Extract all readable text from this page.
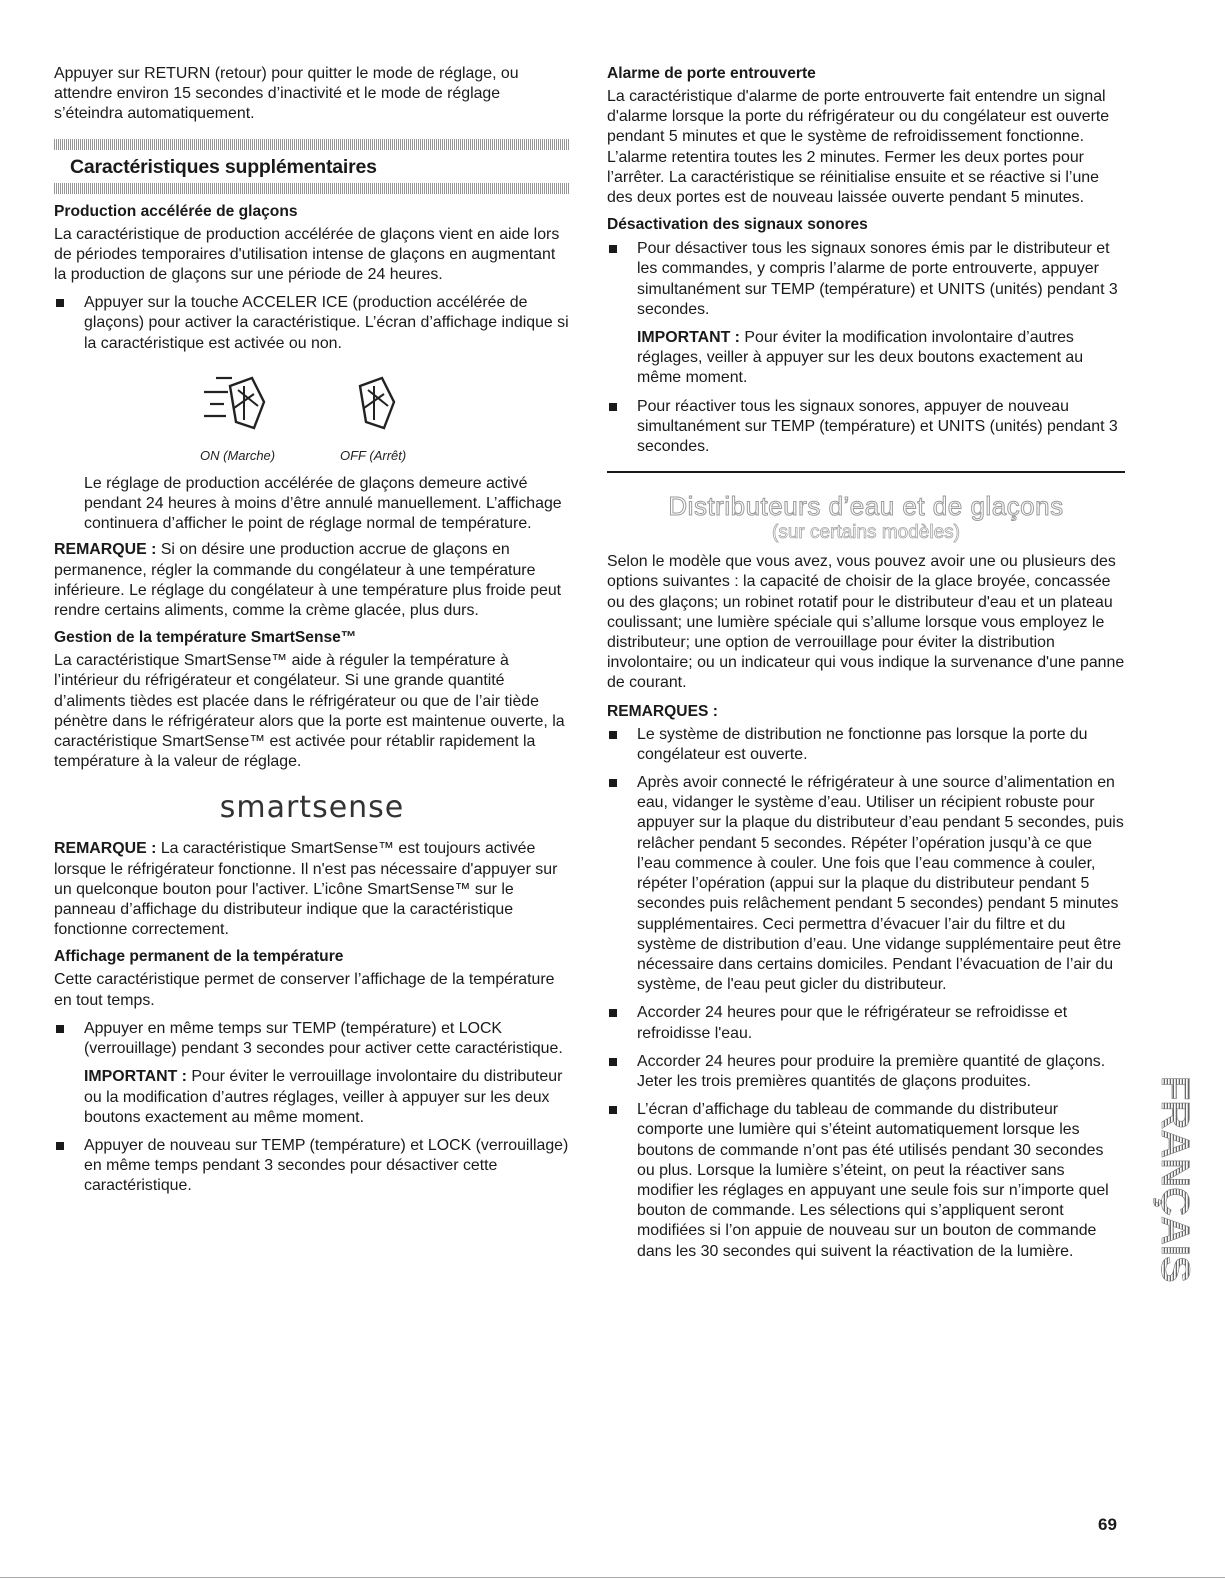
Appuyer sur RETURN (retour) pour quitter le mode de réglage, ou attendre environ 15 secondes d’inactivité et le mode de réglage s’éteindra automatiquement.

Caractéristiques supplémentaires
Production accélérée de glaçons

La caractéristique de production accélérée de glaçons vient en aide lors de périodes temporaires d'utilisation intense de glaçons en augmentant la production de glaçons sur une période de 24 heures.

Appuyer sur la touche ACCELER ICE (production accélérée de glaçons) pour activer la caractéristique. L’écran d’affichage indique si la caractéristique est activée ou non.
ON (Marche)	OFF (Arrêt)

Le réglage de production accélérée de glaçons demeure activé pendant 24 heures à moins d’être annulé manuellement. L’affichage continuera d’afficher le point de réglage normal de température.

REMARQUE : Si on désire une production accrue de glaçons en permanence, régler la commande du congélateur à une température inférieure. Le réglage du congélateur à une température plus froide peut rendre certains aliments, comme la crème glacée, plus durs.

Gestion de la température SmartSense™

La caractéristique SmartSense™ aide à réguler la température à l’intérieur du réfrigérateur et congélateur. Si une grande quantité d’aliments tièdes est placée dans le réfrigérateur ou que de l’air tiède pénètre dans le réfrigérateur alors que la porte est maintenue ouverte, la caractéristique SmartSense™ est activée pour rétablir rapidement la température à la valeur de réglage.

smartsense

REMARQUE : La caractéristique SmartSense™ est toujours activée lorsque le réfrigérateur fonctionne. Il n'est pas nécessaire d'appuyer sur un quelconque bouton pour l'activer. L’icône SmartSense™ sur le panneau d’affichage du distributeur indique que la caractéristique fonctionne correctement.

Affichage permanent de la température

Cette caractéristique permet de conserver l’affichage de la température en tout temps.

Appuyer en même temps sur TEMP (température) et LOCK (verrouillage) pendant 3 secondes pour activer cette caractéristique.

IMPORTANT : Pour éviter le verrouillage involontaire du distributeur ou la modification d’autres réglages, veiller à appuyer sur les deux boutons exactement au même moment.

Appuyer de nouveau sur TEMP (température) et LOCK (verrouillage) en même temps pendant 3 secondes pour désactiver cette caractéristique.
Alarme de porte entrouverte

La caractéristique d'alarme de porte entrouverte fait entendre un signal d'alarme lorsque la porte du réfrigérateur ou du congélateur est ouverte pendant 5 minutes et que le système de refroidissement fonctionne. L’alarme retentira toutes les 2 minutes. Fermer les deux portes pour l’arrêter. La caractéristique se réinitialise ensuite et se réactive si l’une des deux portes est de nouveau laissée ouverte pendant 5 minutes.

Désactivation des signaux sonores
Pour désactiver tous les signaux sonores émis par le distributeur et les commandes, y compris l’alarme de porte entrouverte, appuyer simultanément sur TEMP (température) et UNITS (unités) pendant 3 secondes.

IMPORTANT : Pour éviter la modification involontaire d’autres réglages, veiller à appuyer sur les deux boutons exactement au même moment.

Pour réactiver tous les signaux sonores, appuyer de nouveau simultanément sur TEMP (température) et UNITS (unités) pendant 3 secondes.
Distributeurs d’eau et de glaçons
(sur certains modèles)

Selon le modèle que vous avez, vous pouvez avoir une ou plusieurs des options suivantes : la capacité de choisir de la glace broyée, concassée ou des glaçons; un robinet rotatif pour le distributeur d'eau et un plateau coulissant; une lumière spéciale qui s’allume lorsque vous employez le distributeur; une option de verrouillage pour éviter la distribution involontaire; ou un indicateur qui vous indique la survenance d'une panne de courant.

REMARQUES :
Le système de distribution ne fonctionne pas lorsque la porte du congélateur est ouverte.
Après avoir connecté le réfrigérateur à une source d’alimentation en eau, vidanger le système d’eau. Utiliser un récipient robuste pour appuyer sur la plaque du distributeur d’eau pendant 5 secondes, puis relâcher pendant 5 secondes. Répéter l’opération jusqu’à ce que l’eau commence à couler. Une fois que l’eau commence à couler, répéter l’opération (appui sur la plaque du distributeur pendant 5 secondes puis relâchement pendant 5 secondes) pendant 5 minutes supplémentaires. Ceci permettra d’évacuer l’air du filtre et du système de distribution d’eau. Une vidange supplémentaire peut être nécessaire dans certains domiciles. Pendant l’évacuation de l’air du système, de l'eau peut gicler du distributeur.
Accorder 24 heures pour que le réfrigérateur se refroidisse et refroidisse l'eau.
Accorder 24 heures pour produire la première quantité de glaçons. Jeter les trois premières quantités de glaçons produites.
L’écran d’affichage du tableau de commande du distributeur comporte une lumière qui s’éteint automatiquement lorsque les boutons de commande n’ont pas été utilisés pendant 30 secondes ou plus. Lorsque la lumière s’éteint, on peut la réactiver sans modifier les réglages en appuyant une seule fois sur n’importe quel bouton de commande. Les sélections qui s’appliquent seront modifiées si l’on appuie de nouveau sur un bouton de commande dans les 30 secondes qui suivent la réactivation de la lumière.	FRANÇAIS
69
